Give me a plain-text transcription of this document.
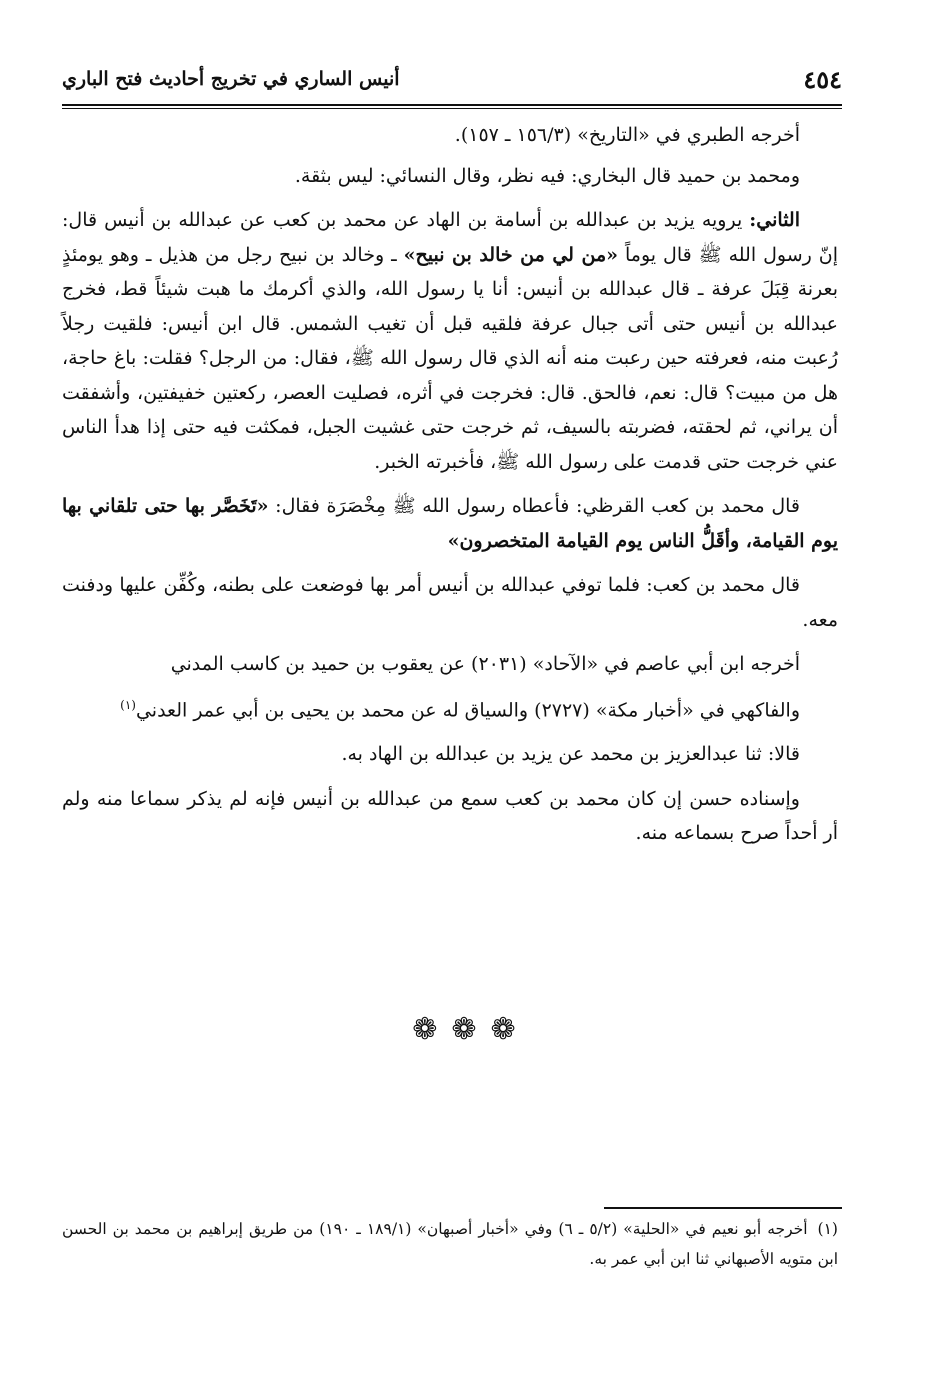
٤٥٤
أنيس الساري في تخريج أحاديث فتح الباري

أخرجه الطبري في «التاريخ» (١٥٦/٣ ـ ١٥٧).

ومحمد بن حميد قال البخاري: فيه نظر، وقال النسائي: ليس بثقة.

الثاني: يرويه يزيد بن عبدالله بن أسامة بن الهاد عن محمد بن كعب عن عبدالله بن أنيس قال: إنّ رسول الله ﷺ قال يوماً «من لي من خالد بن نبيح» ـ وخالد بن نبيح رجل من هذيل ـ وهو يومئذٍ بعرنة قِبَلَ عرفة ـ قال عبدالله بن أنيس: أنا يا رسول الله، والذي أكرمك ما هبت شيئاً قط، فخرج عبدالله بن أنيس حتى أتى جبال عرفة فلقيه قبل أن تغيب الشمس. قال ابن أنيس: فلقيت رجلاً رُعبت منه، فعرفته حين رعبت منه أنه الذي قال رسول الله ﷺ، فقال: من الرجل؟ فقلت: باغ حاجة، هل من مبيت؟ قال: نعم، فالحق. قال: فخرجت في أثره، فصليت العصر، ركعتين خفيفتين، وأشفقت أن يراني، ثم لحقته، فضربته بالسيف، ثم خرجت حتى غشيت الجبل، فمكثت فيه حتى إذا هدأ الناس عني خرجت حتى قدمت على رسول الله ﷺ، فأخبرته الخبر.

قال محمد بن كعب القرظي: فأعطاه رسول الله ﷺ مِخْصَرَة فقال: «تَخَصَّر بها حتى تلقاني بها يوم القيامة، وأقَلُّ الناس يوم القيامة المتخصرون»

قال محمد بن كعب: فلما توفي عبدالله بن أنيس أمر بها فوضعت على بطنه، وكُفِّن عليها ودفنت معه.

أخرجه ابن أبي عاصم في «الآحاد» (٢٠٣١) عن يعقوب بن حميد بن كاسب المدني

والفاكهي في «أخبار مكة» (٢٧٢٧) والسياق له عن محمد بن يحيى بن أبي عمر العدني$^{(١)}$

قالا: ثنا عبدالعزيز بن محمد عن يزيد بن عبدالله بن الهاد به.

وإسناده حسن إن كان محمد بن كعب سمع من عبدالله بن أنيس فإنه لم يذكر سماعا منه ولم أر أحداً صرح بسماعه منه.

❁❁❁

(١)أخرجه أبو نعيم في «الحلية» (٥/٢ ـ ٦) وفي «أخبار أصبهان» (١٨٩/١ ـ ١٩٠) من طريق إبراهيم بن محمد بن الحسن ابن متويه الأصبهاني ثنا ابن أبي عمر به.
